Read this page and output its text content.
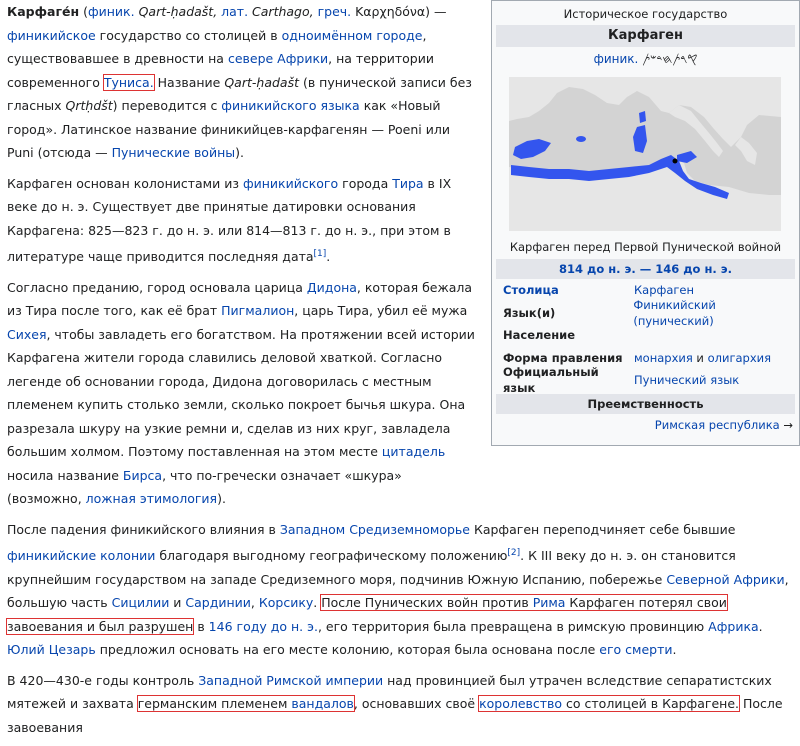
Историческое государство
Карфаген
финик. 𐤒𐤓𐤕𐤇𐤃𐤔𐤕
Карфаген перед Первой Пунической войной
814 до н. э. — 146 до н. э.
Столица	Карфаген
Язык(и)
Финикийский (пунический)
Население
Форма правления монархия и олигархия
Официальный язык
Пунический язык
Преемственность
Римская республика →

Карфаге́н (финик. Qart-ḥadašt, лат. Carthago, греч. Καρχηδόνα) — финикийское государство со столицей в одноимённом городе, существовавшее в древности на севере Африки, на территории современного Туниса. Название Qart-ḥadašt (в пунической записи без гласных Qrtḥdšt) переводится с финикийского языка как «Новый город». Латинское название финикийцев-карфагенян — Poeni или Puni (отсюда — Пунические войны).

Карфаген основан колонистами из финикийского города Тира в IX веке до н. э. Существует две принятые датировки основания Карфагена: 825—823 г. до н. э. или 814—813 г. до н. э., при этом в литературе чаще приводится последняя дата[1].

Согласно преданию, город основала царица Дидона, которая бежала из Тира после того, как её брат Пигмалион, царь Тира, убил её мужа Сихея, чтобы завладеть его богатством. На протяжении всей истории Карфагена жители города славились деловой хваткой. Согласно легенде об основании города, Дидона договорилась с местным племенем купить столько земли, сколько покроет бычья шкура. Она разрезала шкуру на узкие ремни и, сделав из них круг, завладела большим холмом. Поэтому поставленная на этом месте цитадель носила название Бирса, что по-гречески означает «шкура» (возможно, ложная этимология).

После падения финикийского влияния в Западном Средиземноморье Карфаген переподчиняет себе бывшие финикийские колонии благодаря выгодному географическому положению[2]. К III веку до н. э. он становится крупнейшим государством на западе Средиземного моря, подчинив Южную Испанию, побережье Северной Африки, большую часть Сицилии и Сардинии, Корсику. После Пунических войн против Рима Карфаген потерял свои завоевания и был разрушен в 146 году до н. э., его территория была превращена в римскую провинцию Африка. Юлий Цезарь предложил основать на его месте колонию, которая была основана после его смерти.

В 420—430-е годы контроль Западной Римской империи над провинцией был утрачен вследствие сепаратистских мятежей и захвата германским племенем вандалов, основавших своё королевство со столицей в Карфагене. После завоевания
